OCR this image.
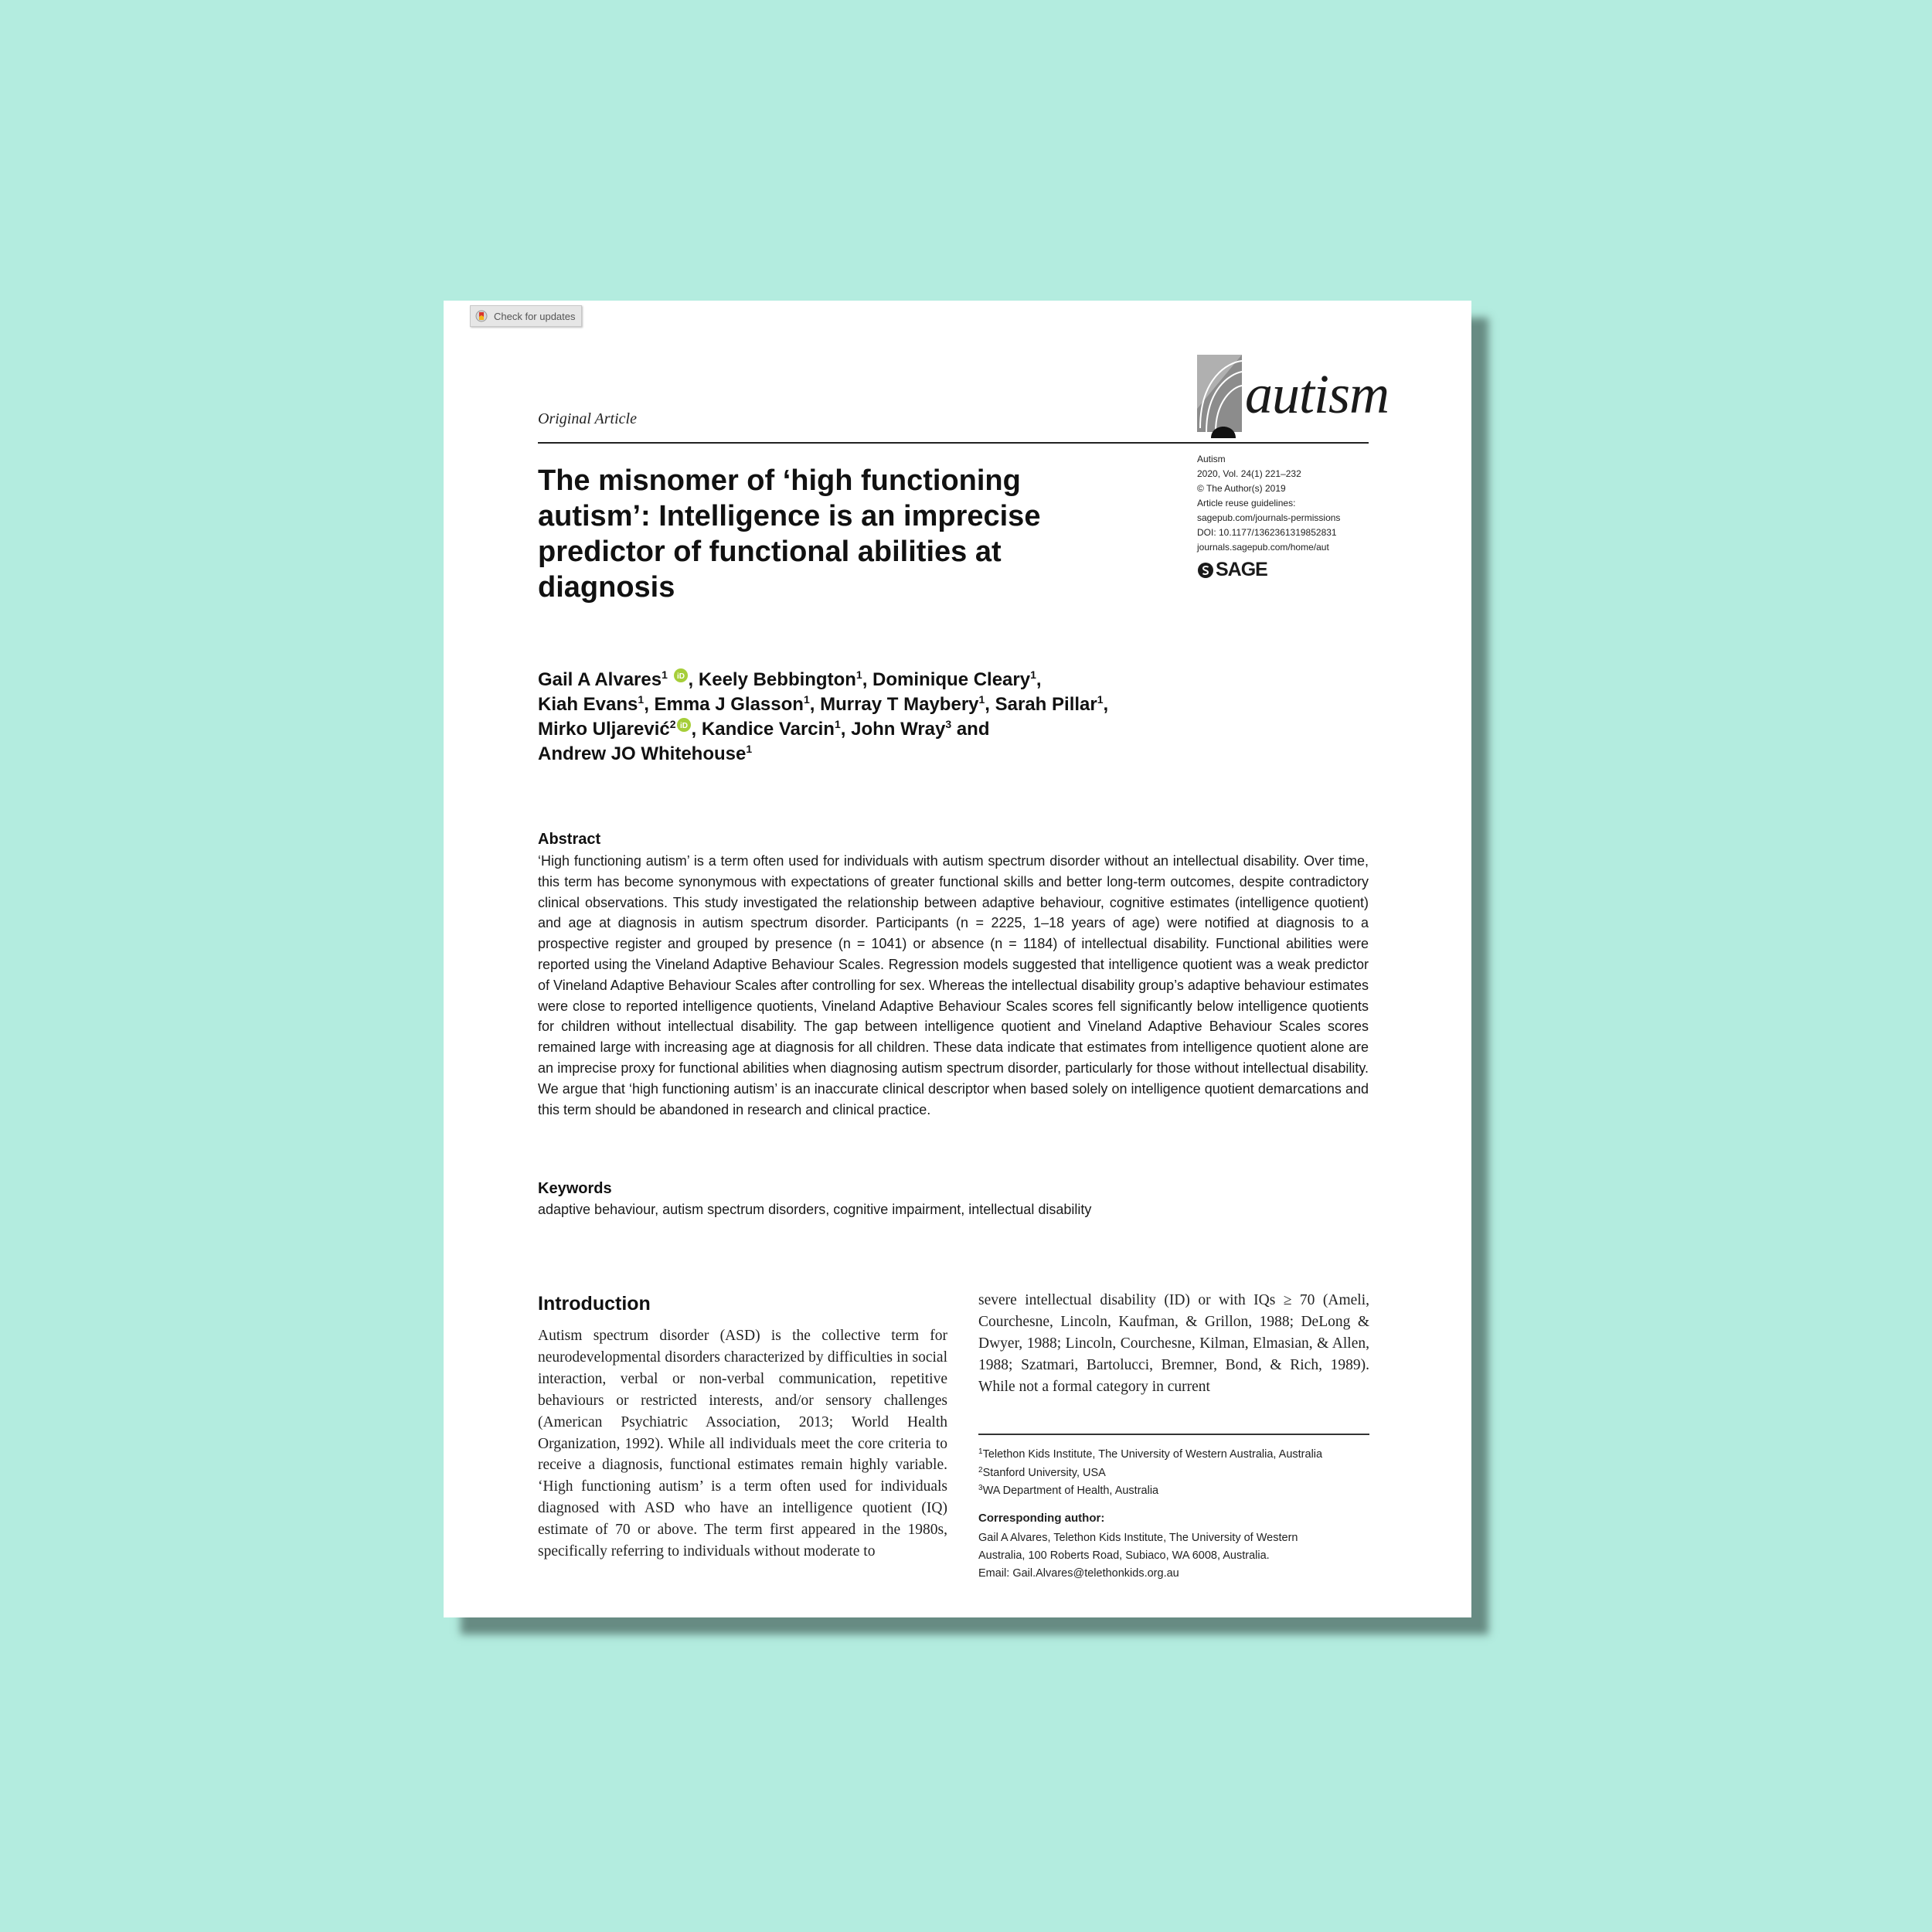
Check for updates
Original Article	autism
Autism
2020, Vol. 24(1) 221–232
© The Author(s) 2019
Article reuse guidelines:
sagepub.com/journals-permissions
DOI: 10.1177/1362361319852831
journals.sagepub.com/home/aut
SAGE
The misnomer of ‘high functioning autism’: Intelligence is an imprecise predictor of functional abilities at diagnosis
Gail A Alvares$^1$ iD , Keely Bebbington$^1$, Dominique Cleary$^1$,
Kiah Evans$^1$, Emma J Glasson$^1$, Murray T Maybery$^1$, Sarah Pillar$^1$,
Mirko Uljarević$^2$ iD , Kandice Varcin$^1$, John Wray$^3$ and
Andrew JO Whitehouse$^1$
Abstract
‘High functioning autism’ is a term often used for individuals with autism spectrum disorder without an intellectual disability. Over time, this term has become synonymous with expectations of greater functional skills and better long-term outcomes, despite contradictory clinical observations. This study investigated the relationship between adaptive behaviour, cognitive estimates (intelligence quotient) and age at diagnosis in autism spectrum disorder. Participants (n = 2225, 1–18 years of age) were notified at diagnosis to a prospective register and grouped by presence (n = 1041) or absence (n = 1184) of intellectual disability. Functional abilities were reported using the Vineland Adaptive Behaviour Scales. Regression models suggested that intelligence quotient was a weak predictor of Vineland Adaptive Behaviour Scales after controlling for sex. Whereas the intellectual disability group’s adaptive behaviour estimates were close to reported intelligence quotients, Vineland Adaptive Behaviour Scales scores fell significantly below intelligence quotients for children without intellectual disability. The gap between intelligence quotient and Vineland Adaptive Behaviour Scales scores remained large with increasing age at diagnosis for all children. These data indicate that estimates from intelligence quotient alone are an imprecise proxy for functional abilities when diagnosing autism spectrum disorder, particularly for those without intellectual disability. We argue that ‘high functioning autism’ is an inaccurate clinical descriptor when based solely on intelligence quotient demarcations and this term should be abandoned in research and clinical practice.
Keywords
adaptive behaviour, autism spectrum disorders, cognitive impairment, intellectual disability
Introduction
Autism spectrum disorder (ASD) is the collective term for neurodevelopmental disorders characterized by difficulties in social interaction, verbal or non-verbal communication, repetitive behaviours or restricted interests, and/or sensory challenges (American Psychiatric Association, 2013; World Health Organization, 1992). While all individuals meet the core criteria to receive a diagnosis, functional estimates remain highly variable. ‘High functioning autism’ is a term often used for individuals diagnosed with ASD who have an intelligence quotient (IQ) estimate of 70 or above. The term first appeared in the 1980s, specifically referring to individuals without moderate to
severe intellectual disability (ID) or with IQs ≥ 70 (Ameli, Courchesne, Lincoln, Kaufman, & Grillon, 1988; DeLong & Dwyer, 1988; Lincoln, Courchesne, Kilman, Elmasian, & Allen, 1988; Szatmari, Bartolucci, Bremner, Bond, & Rich, 1989). While not a formal category in current
$^1$Telethon Kids Institute, The University of Western Australia, Australia
$^2$Stanford University, USA
$^3$WA Department of Health, Australia
Corresponding author:
Gail A Alvares, Telethon Kids Institute, The University of Western
Australia, 100 Roberts Road, Subiaco, WA 6008, Australia.
Email: Gail.Alvares@telethonkids.org.au
